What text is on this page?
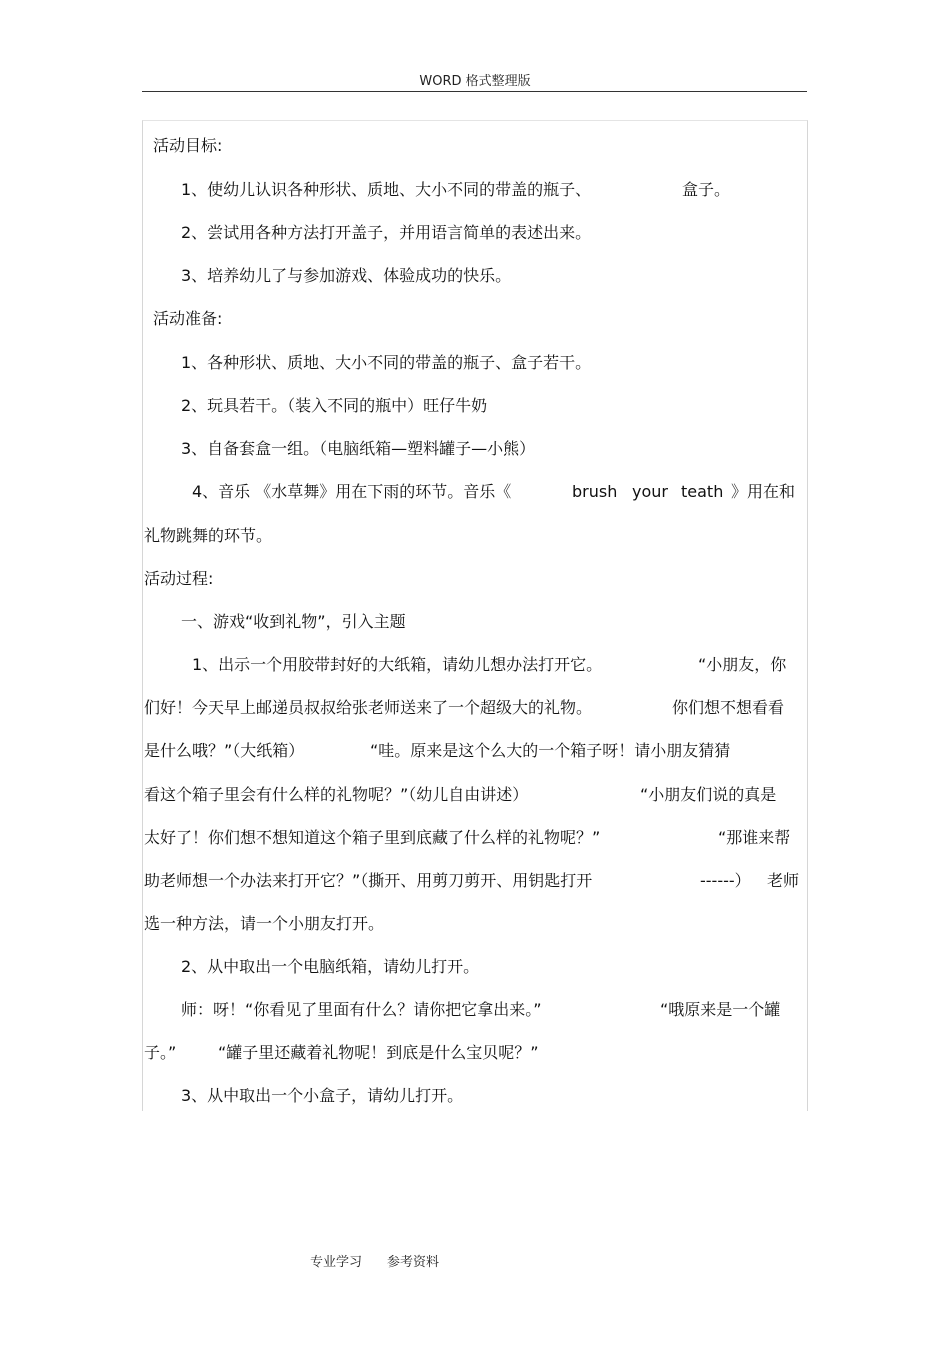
WORD 格式整理版
活动目标:
1、使幼儿认识各种形状、质地、大小不同的带盖的瓶子、	盒子。
2、尝试用各种方法打开盖子，并用语言简单的表述出来。
3、培养幼儿了与参加游戏、体验成功的快乐。
活动准备:
1、各种形状、质地、大小不同的带盖的瓶子、盒子若干。
2、玩具若干。（装入不同的瓶中）旺仔牛奶
3、自备套盒一组。（电脑纸箱—塑料罐子—小熊）
4、音乐 《水草舞》用在下雨的环节。音乐《	brush your teath 》用在和
礼物跳舞的环节。
活动过程:
一、游戏“收到礼物”，引入主题
1、出示一个用胶带封好的大纸箱，请幼儿想办法打开它。	“小朋友，你
们好！今天早上邮递员叔叔给张老师送来了一个超级大的礼物。	你们想不想看看
是什么哦？”（大纸箱）	“哇。原来是这个么大的一个箱子呀！请小朋友猜猜
看这个箱子里会有什么样的礼物呢？”（幼儿自由讲述）	“小朋友们说的真是
太好了！你们想不想知道这个箱子里到底藏了什么样的礼物呢？”	“那谁来帮
助老师想一个办法来打开它？”（撕开、用剪刀剪开、用钥匙打开	------） 老师
选一种方法，请一个小朋友打开。
2、从中取出一个电脑纸箱，请幼儿打开。
师：呀！“你看见了里面有什么？请你把它拿出来。”	“哦原来是一个罐
子。”	“罐子里还藏着礼物呢！到底是什么宝贝呢？”
3、从中取出一个小盒子，请幼儿打开。
专业学习 参考资料
